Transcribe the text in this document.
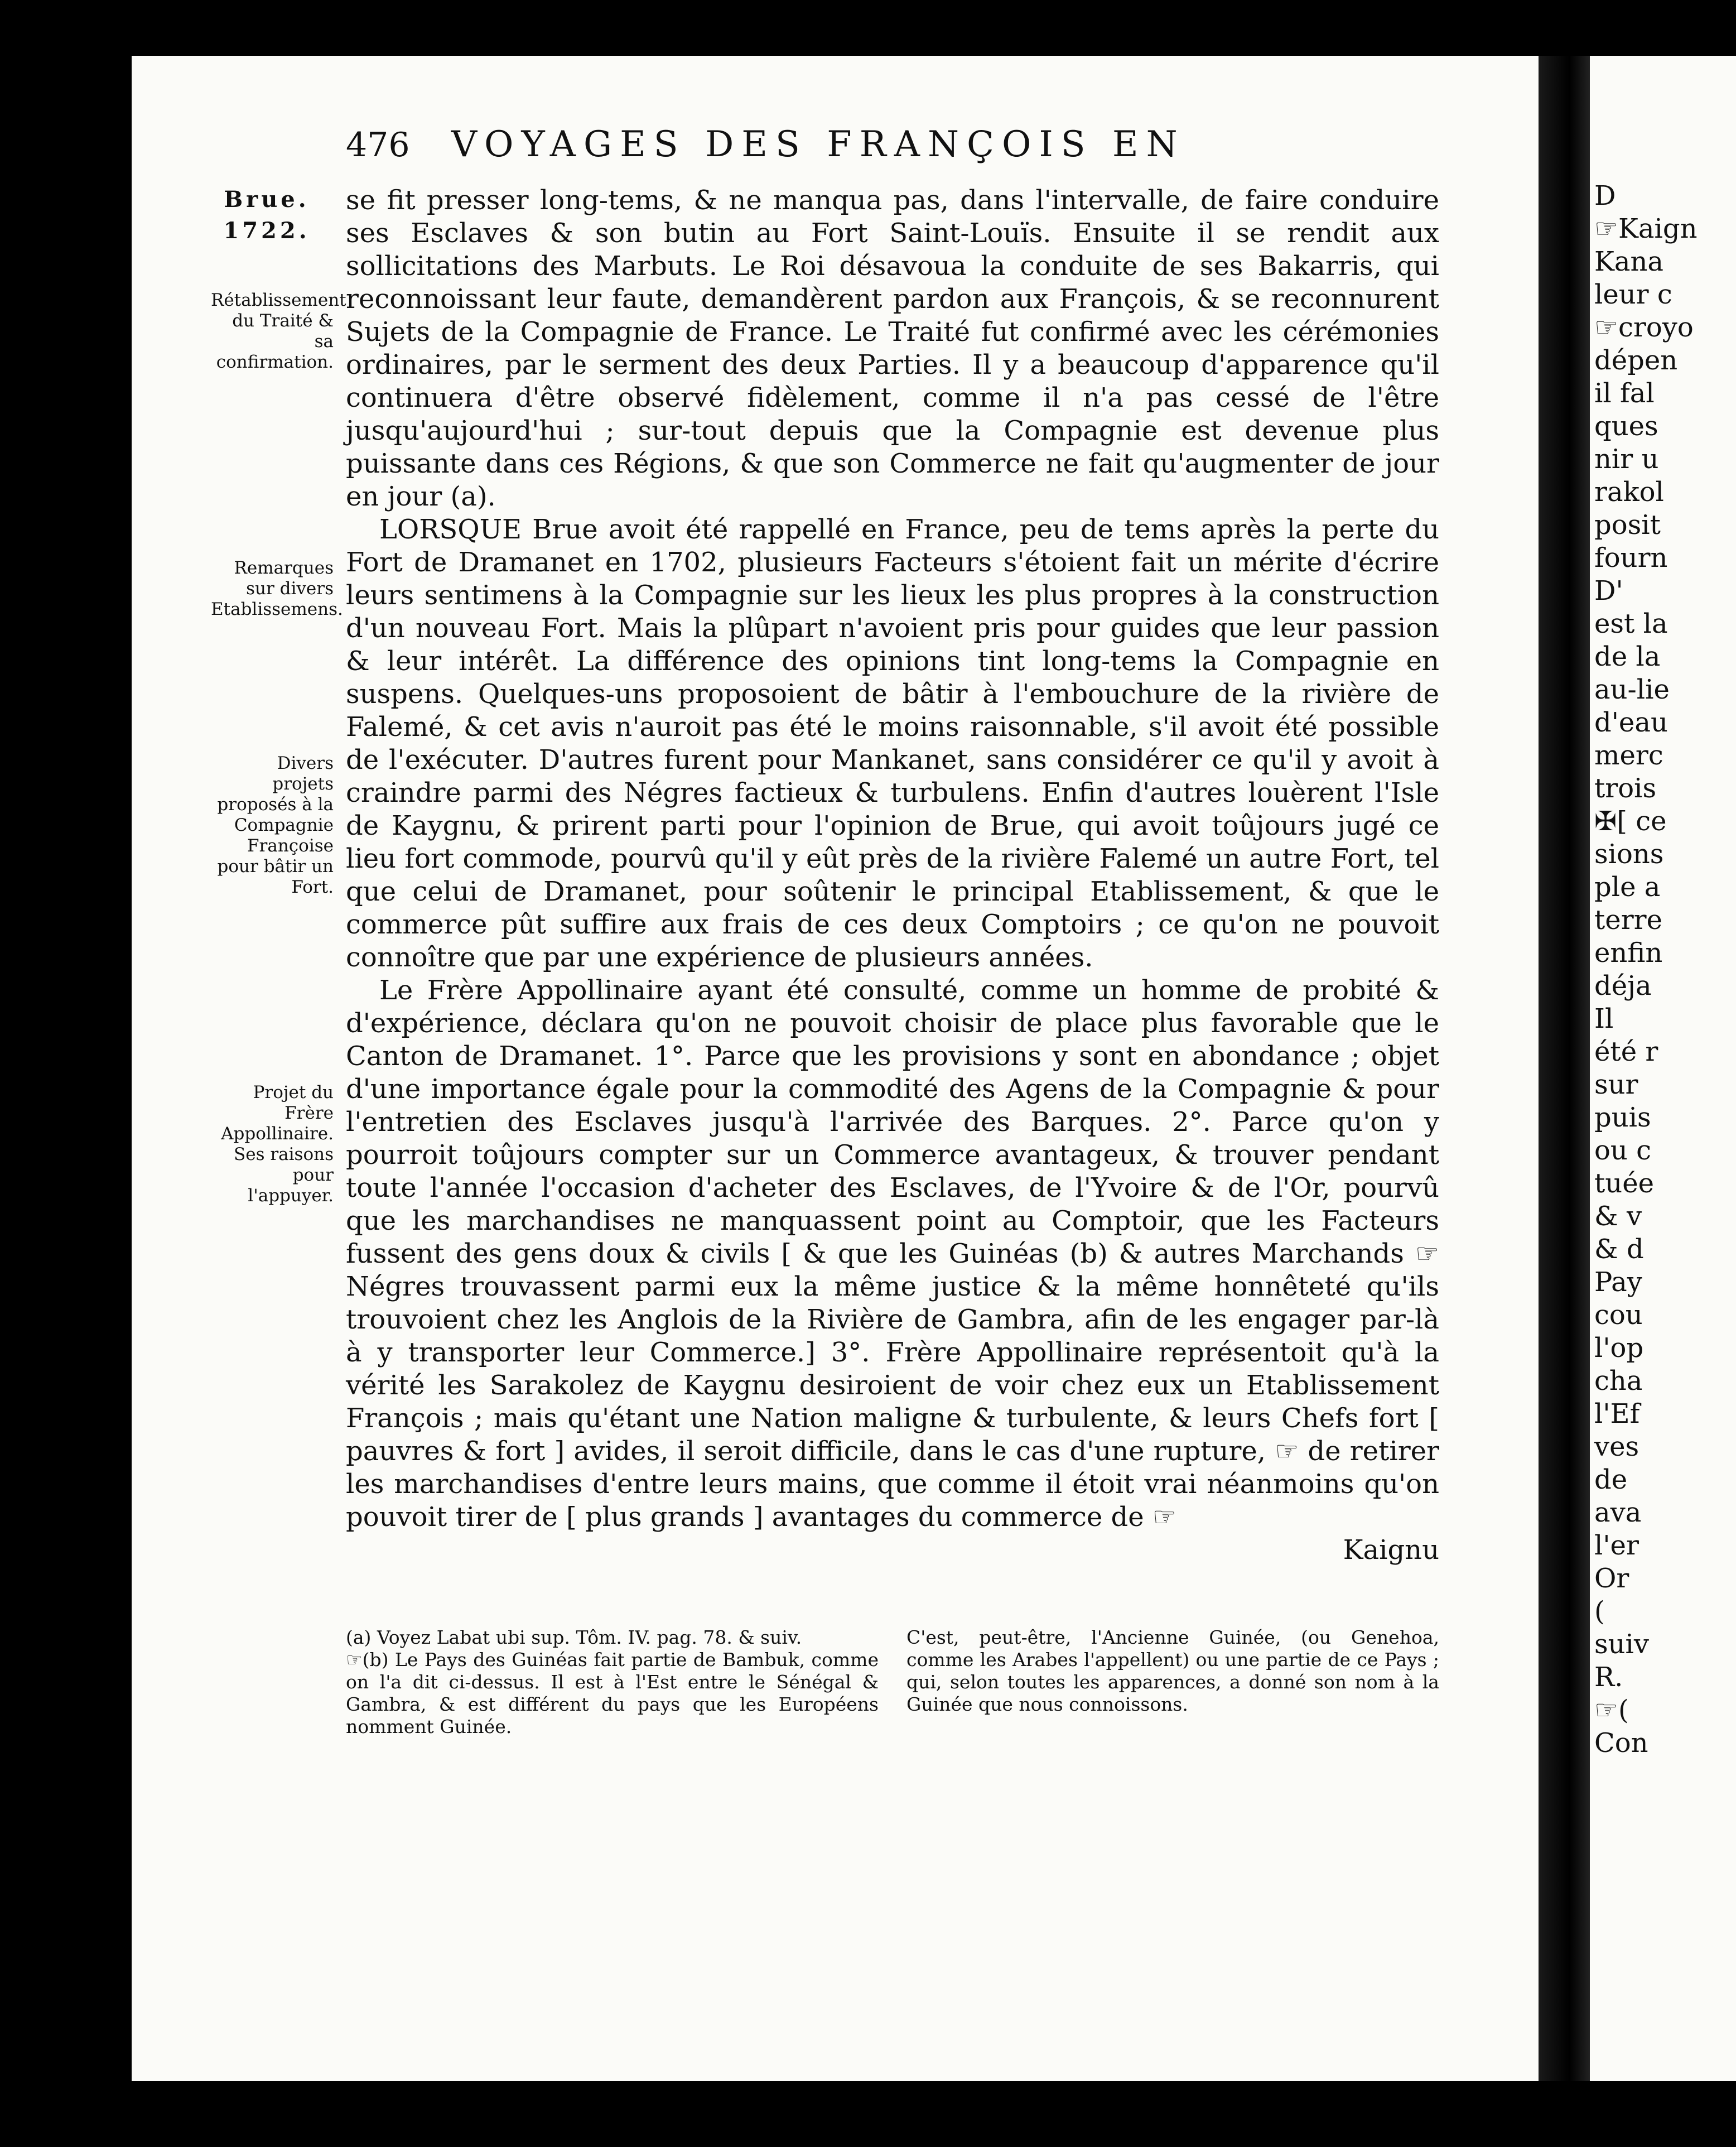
D
☞Kaign
Kana
leur c
☞croyo
dépen
il fal
ques
nir u
rakol
posit
fourn
D'
est la
de la
au-lie
d'eau
merc
trois
✠[ ce
sions
ple a
terre
enfin
déja
Il
été r
sur
puis
ou c
tuée
& v
& d
Pay
cou
l'op
cha
l'Ef
ves
de
ava
l'er
Or
(
suiv
R.
☞(
Con
476 VOYAGES DES FRANÇOIS EN
Brue.
1722.
Rétablissement du Traité & sa confirmation.
Remarques sur divers Etablissemens.
Divers projets proposés à la Compagnie Françoise pour bâtir un Fort.
Projet du Frère Appollinaire. Ses raisons pour l'appuyer.

se fit presser long-tems, & ne manqua pas, dans l'intervalle, de faire conduire ses Esclaves & son butin au Fort Saint-Louïs. Ensuite il se rendit aux sollicitations des Marbuts. Le Roi désavoua la conduite de ses Bakarris, qui reconnoissant leur faute, demandèrent pardon aux François, & se reconnurent Sujets de la Compagnie de France. Le Traité fut confirmé avec les cérémonies ordinaires, par le serment des deux Parties. Il y a beaucoup d'apparence qu'il continuera d'être observé fidèlement, comme il n'a pas cessé de l'être jusqu'aujourd'hui ; sur-tout depuis que la Compagnie est devenue plus puissante dans ces Régions, & que son Commerce ne fait qu'augmenter de jour en jour (a).

LORSQUE Brue avoit été rappellé en France, peu de tems après la perte du Fort de Dramanet en 1702, plusieurs Facteurs s'étoient fait un mérite d'écrire leurs sentimens à la Compagnie sur les lieux les plus propres à la construction d'un nouveau Fort. Mais la plûpart n'avoient pris pour guides que leur passion & leur intérêt. La différence des opinions tint long-tems la Compagnie en suspens. Quelques-uns proposoient de bâtir à l'embouchure de la rivière de Falemé, & cet avis n'auroit pas été le moins raisonnable, s'il avoit été possible de l'exécuter. D'autres furent pour Mankanet, sans considérer ce qu'il y avoit à craindre parmi des Négres factieux & turbulens. Enfin d'autres louèrent l'Isle de Kaygnu, & prirent parti pour l'opinion de Brue, qui avoit toûjours jugé ce lieu fort commode, pourvû qu'il y eût près de la rivière Falemé un autre Fort, tel que celui de Dramanet, pour soûtenir le principal Etablissement, & que le commerce pût suffire aux frais de ces deux Comptoirs ; ce qu'on ne pouvoit connoître que par une expérience de plusieurs années.

Le Frère Appollinaire ayant été consulté, comme un homme de probité & d'expérience, déclara qu'on ne pouvoit choisir de place plus favorable que le Canton de Dramanet. 1°. Parce que les provisions y sont en abondance ; objet d'une importance égale pour la commodité des Agens de la Compagnie & pour l'entretien des Esclaves jusqu'à l'arrivée des Barques. 2°. Parce qu'on y pourroit toûjours compter sur un Commerce avantageux, & trouver pendant toute l'année l'occasion d'acheter des Esclaves, de l'Yvoire & de l'Or, pourvû que les marchandises ne manquassent point au Comptoir, que les Facteurs fussent des gens doux & civils [ & que les Guinéas (b) & autres Marchands ☞ Négres trouvassent parmi eux la même justice & la même honnêteté qu'ils trouvoient chez les Anglois de la Rivière de Gambra, afin de les engager par-là à y transporter leur Commerce.] 3°. Frère Appollinaire représentoit qu'à la vérité les Sarakolez de Kaygnu desiroient de voir chez eux un Etablissement François ; mais qu'étant une Nation maligne & turbulente, & leurs Chefs fort [ pauvres & fort ] avides, il seroit difficile, dans le cas d'une rupture, ☞ de retirer les marchandises d'entre leurs mains, que comme il étoit vrai néanmoins qu'on pouvoit tirer de [ plus grands ] avantages du commerce de ☞

Kaignu

(a) Voyez Labat ubi sup. Tôm. IV. pag. 78. & suiv.

☞(b) Le Pays des Guinéas fait partie de Bambuk, comme on l'a dit ci-dessus. Il est à l'Est entre le Sénégal & Gambra, & est différent du pays que les Européens nomment Guinée.

C'est, peut-être, l'Ancienne Guinée, (ou Genehoa, comme les Arabes l'appellent) ou une partie de ce Pays ; qui, selon toutes les apparences, a donné son nom à la Guinée que nous connoissons.
